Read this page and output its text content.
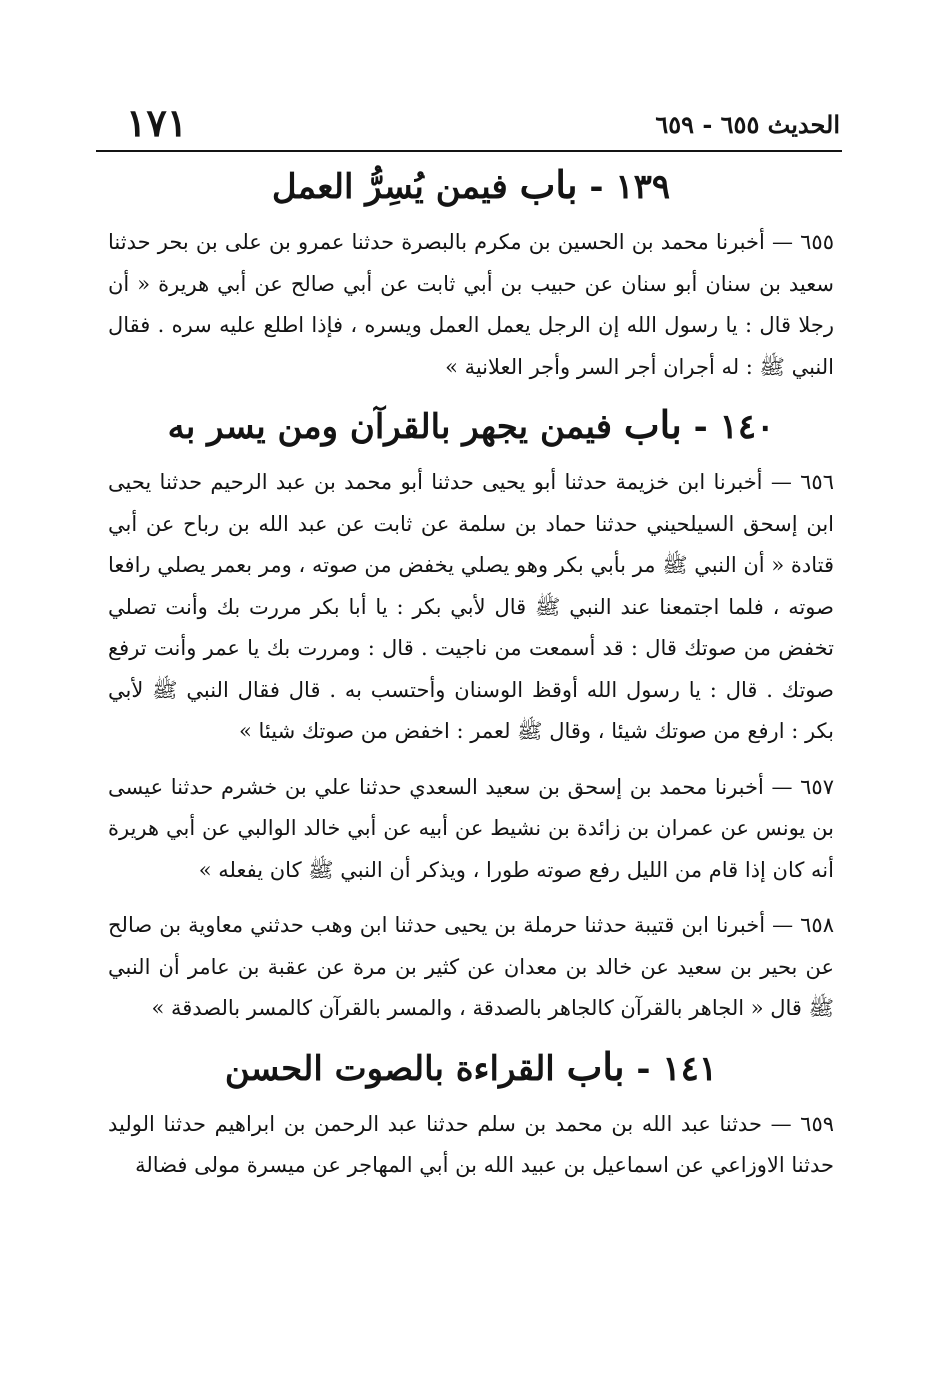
الحديث ٦٥٥ - ٦٥٩
١٧١
١٣٩ - باب فيمن يُسِرُّ العمل

٦٥٥ — أخبرنا محمد بن الحسين بن مكرم بالبصرة حدثنا عمرو بن على بن بحر حدثنا سعيد بن سنان أبو سنان عن حبيب بن أبي ثابت عن أبي صالح عن أبي هريرة « أن رجلا قال : يا رسول الله إن الرجل يعمل العمل ويسره ، فإذا اطلع عليه سره . فقال النبي ﷺ : له أجران أجر السر وأجر العلانية »

١٤٠ - باب فيمن يجهر بالقرآن ومن يسر به

٦٥٦ — أخبرنا ابن خزيمة حدثنا أبو يحيى حدثنا أبو محمد بن عبد الرحيم حدثنا يحيى ابن إسحق السيلحيني حدثنا حماد بن سلمة عن ثابت عن عبد الله بن رباح عن أبي قتادة « أن النبي ﷺ مر بأبي بكر وهو يصلي يخفض من صوته ، ومر بعمر يصلي رافعا صوته ، فلما اجتمعنا عند النبي ﷺ قال لأبي بكر : يا أبا بكر مررت بك وأنت تصلي تخفض من صوتك قال : قد أسمعت من ناجيت . قال : ومررت بك يا عمر وأنت ترفع صوتك . قال : يا رسول الله أوقظ الوسنان وأحتسب به . قال فقال النبي ﷺ لأبي بكر : ارفع من صوتك شيئا ، وقال ﷺ لعمر : اخفض من صوتك شيئا »

٦٥٧ — أخبرنا محمد بن إسحق بن سعيد السعدي حدثنا علي بن خشرم حدثنا عيسى بن يونس عن عمران بن زائدة بن نشيط عن أبيه عن أبي خالد الوالبي عن أبي هريرة أنه كان إذا قام من الليل رفع صوته طورا ، ويذكر أن النبي ﷺ كان يفعله »

٦٥٨ — أخبرنا ابن قتيبة حدثنا حرملة بن يحيى حدثنا ابن وهب حدثني معاوية بن صالح عن بحير بن سعيد عن خالد بن معدان عن كثير بن مرة عن عقبة بن عامر أن النبي ﷺ قال « الجاهر بالقرآن كالجاهر بالصدقة ، والمسر بالقرآن كالمسر بالصدقة »

١٤١ - باب القراءة بالصوت الحسن

٦٥٩ — حدثنا عبد الله بن محمد بن سلم حدثنا عبد الرحمن بن ابراهيم حدثنا الوليد حدثنا الاوزاعي عن اسماعيل بن عبيد الله بن أبي المهاجر عن ميسرة مولى فضالة
